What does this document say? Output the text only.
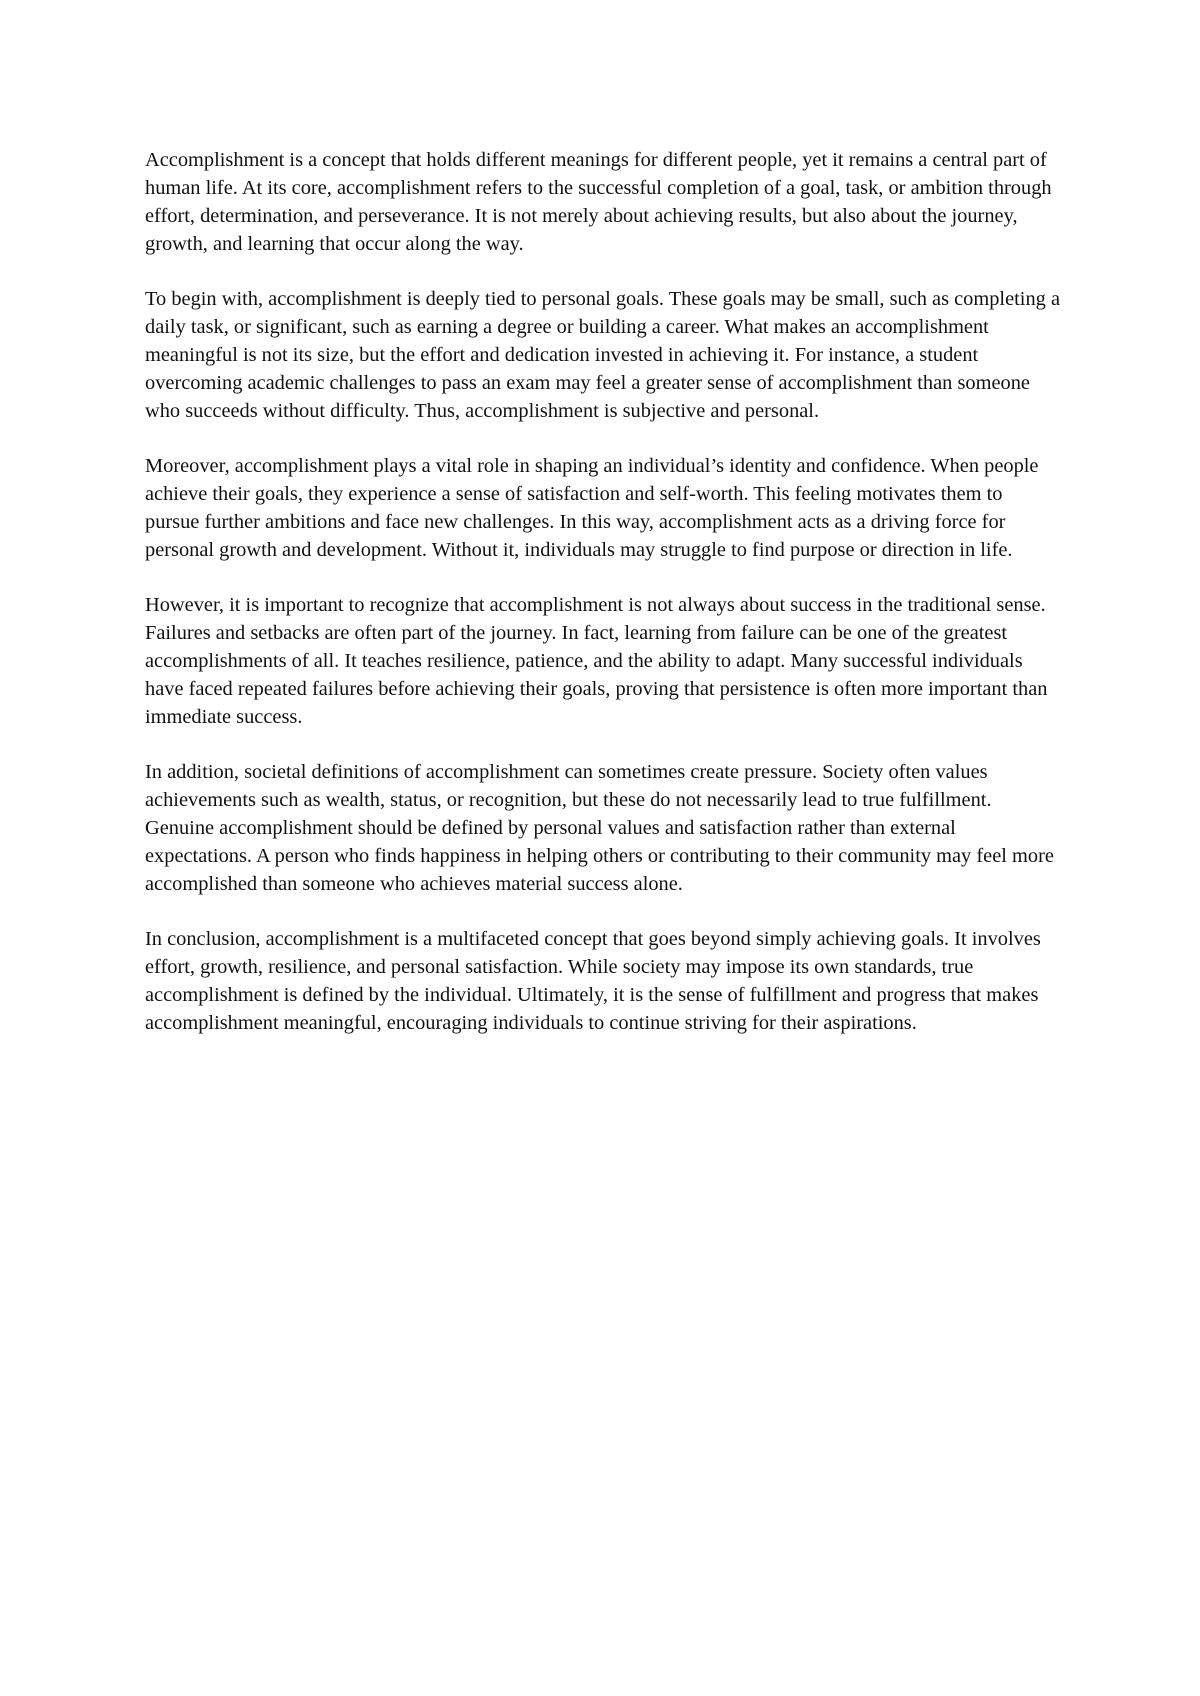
Accomplishment is a concept that holds different meanings for different people, yet it remains a central part of human life. At its core, accomplishment refers to the successful completion of a goal, task, or ambition through effort, determination, and perseverance. It is not merely about achieving results, but also about the journey, growth, and learning that occur along the way.

To begin with, accomplishment is deeply tied to personal goals. These goals may be small, such as completing a daily task, or significant, such as earning a degree or building a career. What makes an accomplishment meaningful is not its size, but the effort and dedication invested in achieving it. For instance, a student overcoming academic challenges to pass an exam may feel a greater sense of accomplishment than someone who succeeds without difficulty. Thus, accomplishment is subjective and personal.

Moreover, accomplishment plays a vital role in shaping an individual’s identity and confidence. When people achieve their goals, they experience a sense of satisfaction and self-worth. This feeling motivates them to pursue further ambitions and face new challenges. In this way, accomplishment acts as a driving force for personal growth and development. Without it, individuals may struggle to find purpose or direction in life.

However, it is important to recognize that accomplishment is not always about success in the traditional sense. Failures and setbacks are often part of the journey. In fact, learning from failure can be one of the greatest accomplishments of all. It teaches resilience, patience, and the ability to adapt. Many successful individuals have faced repeated failures before achieving their goals, proving that persistence is often more important than immediate success.

In addition, societal definitions of accomplishment can sometimes create pressure. Society often values achievements such as wealth, status, or recognition, but these do not necessarily lead to true fulfillment. Genuine accomplishment should be defined by personal values and satisfaction rather than external expectations. A person who finds happiness in helping others or contributing to their community may feel more accomplished than someone who achieves material success alone.

In conclusion, accomplishment is a multifaceted concept that goes beyond simply achieving goals. It involves effort, growth, resilience, and personal satisfaction. While society may impose its own standards, true accomplishment is defined by the individual. Ultimately, it is the sense of fulfillment and progress that makes accomplishment meaningful, encouraging individuals to continue striving for their aspirations.
